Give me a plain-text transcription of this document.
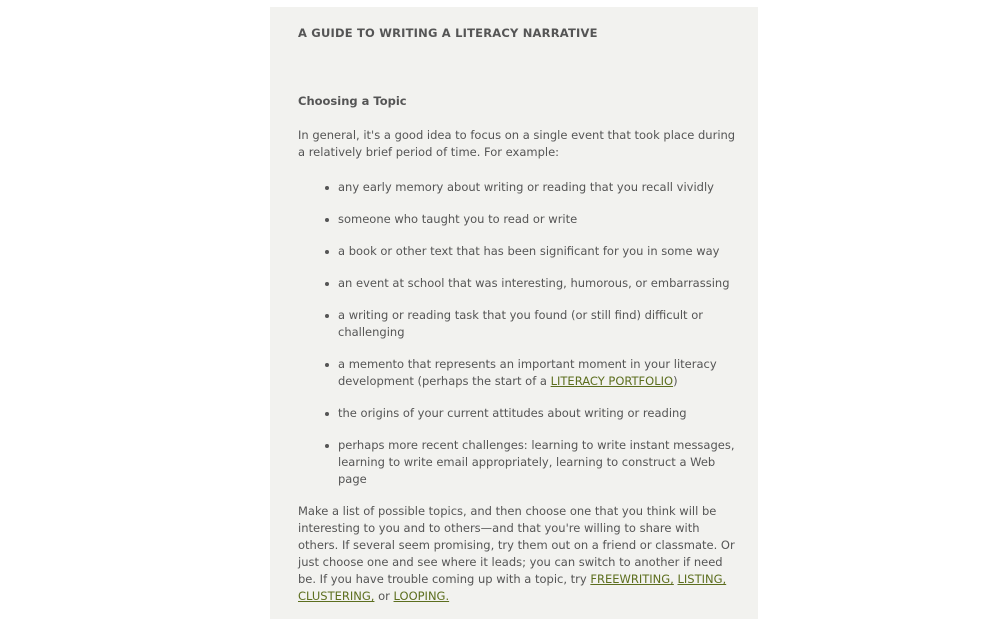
A GUIDE TO WRITING A LITERACY NARRATIVE
Choosing a Topic

In general, it's a good idea to focus on a single event that took place during a relatively brief period of time. For example:

any early memory about writing or reading that you recall vividly
someone who taught you to read or write
a book or other text that has been significant for you in some way
an event at school that was interesting, humorous, or embarrassing
a writing or reading task that you found (or still find) difficult or challenging
a memento that represents an important moment in your literacy development (perhaps the start of a LITERACY PORTFOLIO)
the origins of your current attitudes about writing or reading
perhaps more recent challenges: learning to write instant messages, learning to write email appropriately, learning to construct a Web page

Make a list of possible topics, and then choose one that you think will be interesting to you and to others—and that you're willing to share with others. If several seem promising, try them out on a friend or classmate. Or just choose one and see where it leads; you can switch to another if need be. If you have trouble coming up with a topic, try FREEWRITING, LISTING, CLUSTERING, or LOOPING.
